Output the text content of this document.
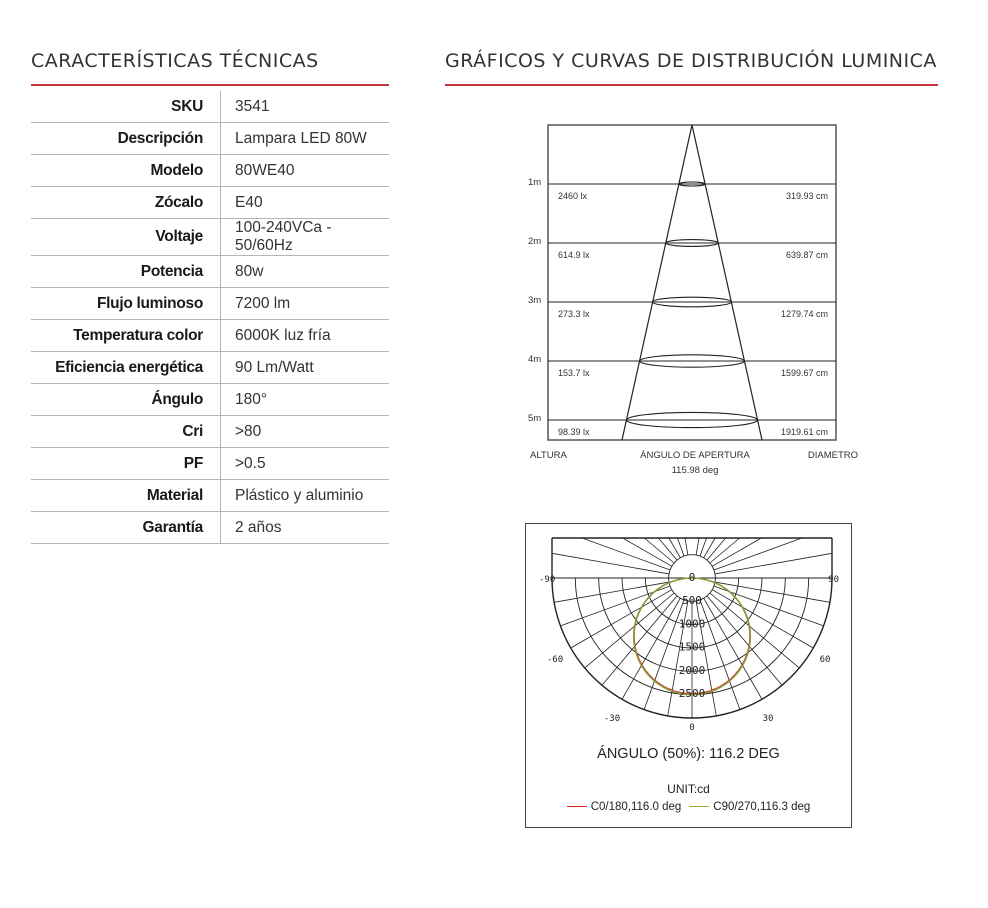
CARACTERÍSTICAS TÉCNICAS	GRÁFICOS Y CURVAS DE DISTRIBUCIÓN LUMINICA
SKU	3541
Descripción	Lampara LED 80W
Modelo	80WE40
Zócalo	E40
Voltaje	100-240VCa - 50/60Hz
Potencia	80w
Flujo luminoso	7200 lm
Temperatura color	6000K luz fría
Eficiencia energética	90 Lm/Watt
Ángulo	180°
Cri	>80
PF	>0.5
Material	Plástico y aluminio
Garantía	2 años
1m
2460 lx	319.93 cm
2m
614.9 lx	639.87 cm
3m
273.3 lx	1279.74 cm
4m
153.7 lx	1599.67 cm
5m
98.39 lx	1919.61 cm
ALTURA	ÁNGULO DE APERTURA
115.98 deg
DIAMETRO
0
500
1000
1500
2000
2500
0
-90	90
-60	60
-30	30
ÁNGULO (50%): 116.2 DEG
UNIT:cd
C0/180,116.0 deg	C90/270,116.3 deg
